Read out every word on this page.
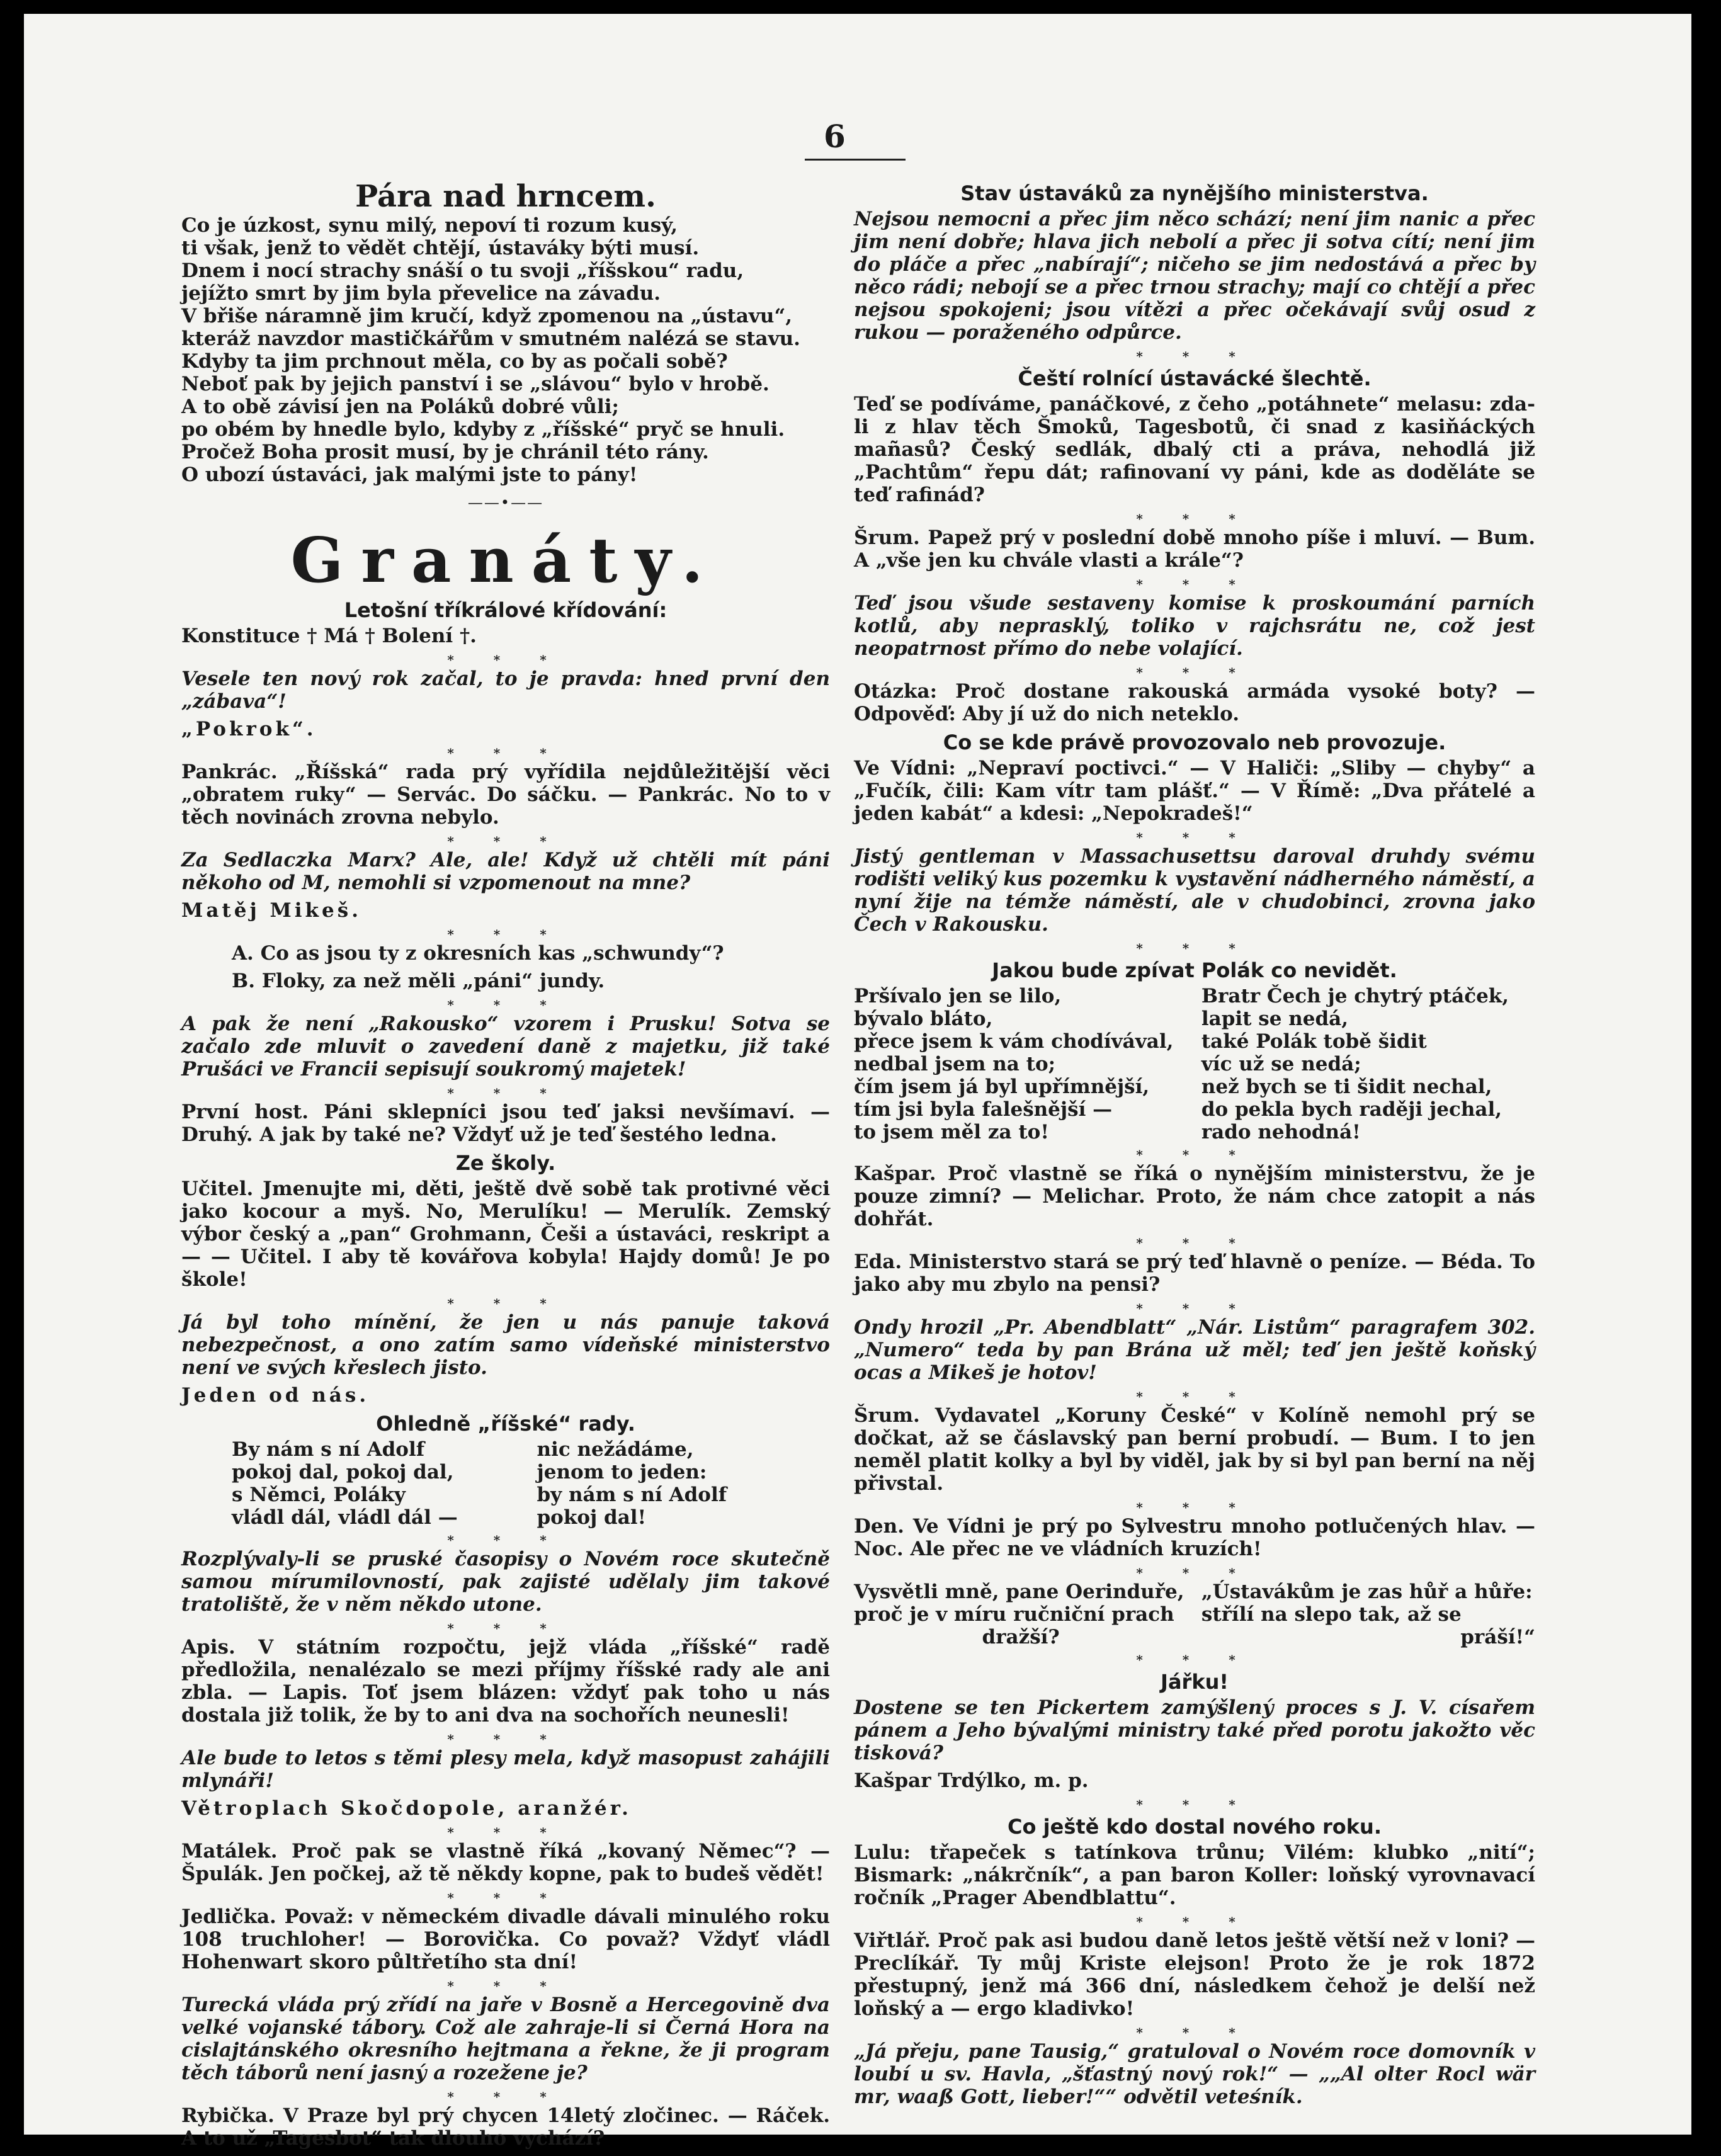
6
Pára nad hrncem.
Co je úzkost, synu milý, nepoví ti rozum kusý,
ti však, jenž to vědět chtějí, ústaváky býti musí.
Dnem i nocí strachy snáší o tu svoji „říšskou“ radu,
jejížto smrt by jim byla převelice na závadu.
V břiše náramně jim kručí, když zpomenou na „ústavu“,
kteráž navzdor mastičkářům v smutném nalézá se stavu.
Kdyby ta jim prchnout měla, co by as počali sobě?
Neboť pak by jejich panství i se „slávou“ bylo v hrobě.
A to obě závisí jen na Poláků dobré vůli;
po obém by hnedle bylo, kdyby z „říšské“ pryč se hnuli.
Pročež Boha prosit musí, by je chránil této rány.
O ubozí ústaváci, jak malými jste to pány!
——•——
Granáty.
Letošní tříkrálové křídování:

Konstituce † Má † Bolení †.

* * *

Vesele ten nový rok začal, to je pravda: hned první den „zábava“!

„Pokrok“.

* * *

Pankrác. „Říšská“ rada prý vyřídila nejdůležitější věci „obratem ruky“ — Servác. Do sáčku. — Pankrác. No to v těch novinách zrovna nebylo.

* * *

Za Sedlaczka Marx? Ale, ale! Když už chtěli mít páni někoho od M, nemohli si vzpomenout na mne?

Matěj Mikeš.

* * *

A. Co as jsou ty z okresních kas „schwundy“?

B. Floky, za než měli „páni“ jundy.

* * *

A pak že není „Rakousko“ vzorem i Prusku! Sotva se začalo zde mluvit o zavedení daně z majetku, již také Prušáci ve Francii sepisují soukromý majetek!

* * *

První host. Páni sklepníci jsou teď jaksi nevšímaví. — Druhý. A jak by také ne? Vždyť už je teď šestého ledna.

Ze školy.

Učitel. Jmenujte mi, děti, ještě dvě sobě tak protivné věci jako kocour a myš. No, Merulíku! — Merulík. Zemský výbor český a „pan“ Grohmann, Češi a ústaváci, reskript a — — Učitel. I aby tě kovářova kobyla! Hajdy domů! Je po škole!

* * *

Já byl toho mínění, že jen u nás panuje taková nebezpečnost, a ono zatím samo vídeňské ministerstvo není ve svých křeslech jisto.

Jeden od nás.

Ohledně „říšské“ rady.
By nám s ní Adolf
pokoj dal, pokoj dal,
s Němci, Poláky
vládl dál, vládl dál —
nic nežádáme,
jenom to jeden:
by nám s ní Adolf
pokoj dal!
* * *

Rozplývaly-li se pruské časopisy o Novém roce skutečně samou mírumilovností, pak zajisté udělaly jim takové tratoliště, že v něm někdo utone.

* * *

Apis. V státním rozpočtu, jejž vláda „říšské“ radě předložila, nenalézalo se mezi příjmy říšské rady ale ani zbla. — Lapis. Toť jsem blázen: vždyť pak toho u nás dostala již tolik, že by to ani dva na sochořích neunesli!

* * *

Ale bude to letos s těmi plesy mela, když masopust zahájili mlynáři!

Větroplach Skočdopole, aranžér.

* * *

Matálek. Proč pak se vlastně říká „kovaný Němec“? — Špulák. Jen počkej, až tě někdy kopne, pak to budeš vědět!

* * *

Jedlička. Považ: v německém divadle dávali minulého roku 108 truchloher! — Borovička. Co považ? Vždyť vládl Hohenwart skoro půltřetího sta dní!

* * *

Turecká vláda prý zřídí na jaře v Bosně a Hercegovině dva velké vojanské tábory. Což ale zahraje-li si Černá Hora na cislajtánského okresního hejtmana a řekne, že ji program těch táborů není jasný a rozežene je?

* * *

Rybička. V Praze byl prý chycen 14letý zločinec. — Ráček. A to už „Tagesbot“ tak dlouho vychází?

Stav ústaváků za nynějšího ministerstva.

Nejsou nemocni a přec jim něco schází; není jim nanic a přec jim není dobře; hlava jich nebolí a přec ji sotva cítí; není jim do pláče a přec „nabírají“; ničeho se jim nedostává a přec by něco rádi; nebojí se a přec trnou strachy; mají co chtějí a přec nejsou spokojeni; jsou vítězi a přec očekávají svůj osud z rukou — poraženého odpůrce.

* * *
Čeští rolnící ústavácké šlechtě.

Teď se podíváme, panáčkové, z čeho „potáhnete“ melasu: zda-li z hlav těch Šmoků, Tagesbotů, či snad z kasiňáckých mañasů? Český sedlák, dbalý cti a práva, nehodlá již „Pachtům“ řepu dát; rafinovaní vy páni, kde as doděláte se teď rafinád?

* * *

Šrum. Papež prý v poslední době mnoho píše i mluví. — Bum. A „vše jen ku chvále vlasti a krále“?

* * *

Teď jsou všude sestaveny komise k proskoumání parních kotlů, aby neprasklý, toliko v rajchsrátu ne, což jest neopatrnost přímo do nebe volající.

* * *

Otázka: Proč dostane rakouská armáda vysoké boty? — Odpověď: Aby jí už do nich neteklo.

Co se kde právě provozovalo neb provozuje.

Ve Vídni: „Nepraví poctivci.“ — V Haliči: „Sliby — chyby“ a „Fučík, čili: Kam vítr tam plášť.“ — V Římě: „Dva přátelé a jeden kabát“ a kdesi: „Nepokradeš!“

* * *

Jistý gentleman v Massachusettsu daroval druhdy svému rodišti veliký kus pozemku k vystavění nádherného náměstí, a nyní žije na témže náměstí, ale v chudobinci, zrovna jako Čech v Rakousku.

* * *
Jakou bude zpívat Polák co nevidět.
Pršívalo jen se lilo,
bývalo bláto,
přece jsem k vám chodívával,
nedbal jsem na to;
čím jsem já byl upřímnější,
tím jsi byla falešnější —
to jsem měl za to!
Bratr Čech je chytrý ptáček,
lapit se nedá,
také Polák tobě šidit
víc už se nedá;
než bych se ti šidit nechal,
do pekla bych raději jechal,
rado nehodná!
* * *

Kašpar. Proč vlastně se říká o nynějším ministerstvu, že je pouze zimní? — Melichar. Proto, že nám chce zatopit a nás dohřát.

* * *

Eda. Ministerstvo stará se prý teď hlavně o peníze. — Béda. To jako aby mu zbylo na pensi?

* * *

Ondy hrozil „Pr. Abendblatt“ „Nár. Listům“ paragrafem 302. „Numero“ teda by pan Brána už měl; teď jen ještě koňský ocas a Mikeš je hotov!

* * *

Šrum. Vydavatel „Koruny České“ v Kolíně nemohl prý se dočkat, až se čáslavský pan berní probudí. — Bum. I to jen neměl platit kolky a byl by viděl, jak by si byl pan berní na něj přivstal.

* * *

Den. Ve Vídni je prý po Sylvestru mnoho potlučených hlav. — Noc. Ale přec ne ve vládních kruzích!

* * *
Vysvětli mně, pane Oerinduře,
proč je v míru ručniční prach
dražší?
„Ústavákům je zas hůř a hůře:
střílí na slepo tak, až se
práší!“
* * *
Jářku!

Dostene se ten Pickertem zamýšlený proces s J. V. císařem pánem a Jeho bývalými ministry také před porotu jakožto věc tisková?

Kašpar Trdýlko, m. p.

* * *
Co ještě kdo dostal nového roku.

Lulu: třapeček s tatínkova trůnu; Vilém: klubko „nití“; Bismark: „nákrčník“, a pan baron Koller: loňský vyrovnavací ročník „Prager Abendblattu“.

* * *

Viřtlář. Proč pak asi budou daně letos ještě větší než v loni? — Preclíkář. Ty můj Kriste elejson! Proto že je rok 1872 přestupný, jenž má 366 dní, následkem čehož je delší než loňský a — ergo kladivko!

* * *

„Já přeju, pane Tausig,“ gratuloval o Novém roce domovník v loubí u sv. Havla, „šťastný nový rok!“ — „„Al olter Rocl wär mr, waaß Gott, lieber!““ odvětil veteśník.
